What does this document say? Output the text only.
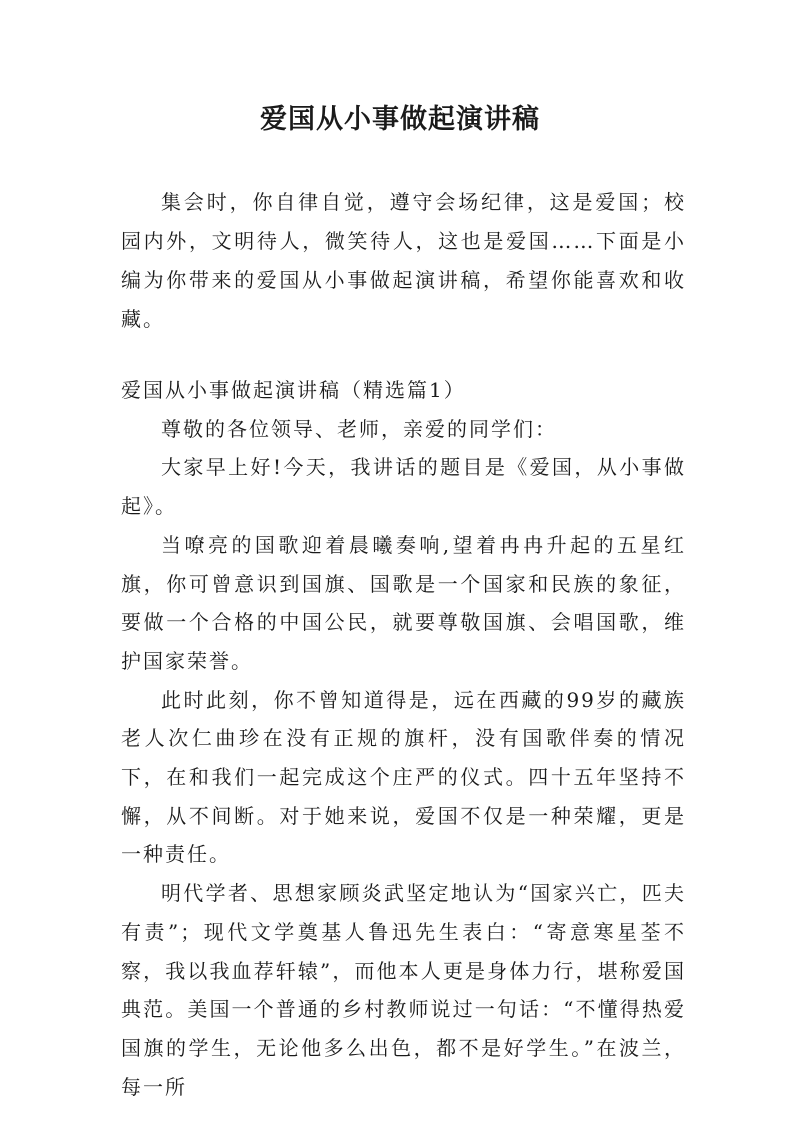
爱国从小事做起演讲稿

集会时，你自律自觉，遵守会场纪律，这是爱国；校园内外，文明待人，微笑待人，这也是爱国……下面是小编为你带来的爱国从小事做起演讲稿，希望你能喜欢和收藏。

爱国从小事做起演讲稿（精选篇1）

尊敬的各位领导、老师，亲爱的同学们：

大家早上好!今天，我讲话的题目是《爱国，从小事做起》。

当嘹亮的国歌迎着晨曦奏响,望着冉冉升起的五星红旗，你可曾意识到国旗、国歌是一个国家和民族的象征，要做一个合格的中国公民，就要尊敬国旗、会唱国歌，维护国家荣誉。

此时此刻，你不曾知道得是，远在西藏的99岁的藏族老人次仁曲珍在没有正规的旗杆，没有国歌伴奏的情况下，在和我们一起完成这个庄严的仪式。四十五年坚持不懈，从不间断。对于她来说，爱国不仅是一种荣耀，更是一种责任。

明代学者、思想家顾炎武坚定地认为“国家兴亡，匹夫有责”；现代文学奠基人鲁迅先生表白：“寄意寒星荃不察，我以我血荐轩辕”，而他本人更是身体力行，堪称爱国典范。美国一个普通的乡村教师说过一句话：“不懂得热爱国旗的学生，无论他多么出色，都不是好学生。”在波兰，每一所
